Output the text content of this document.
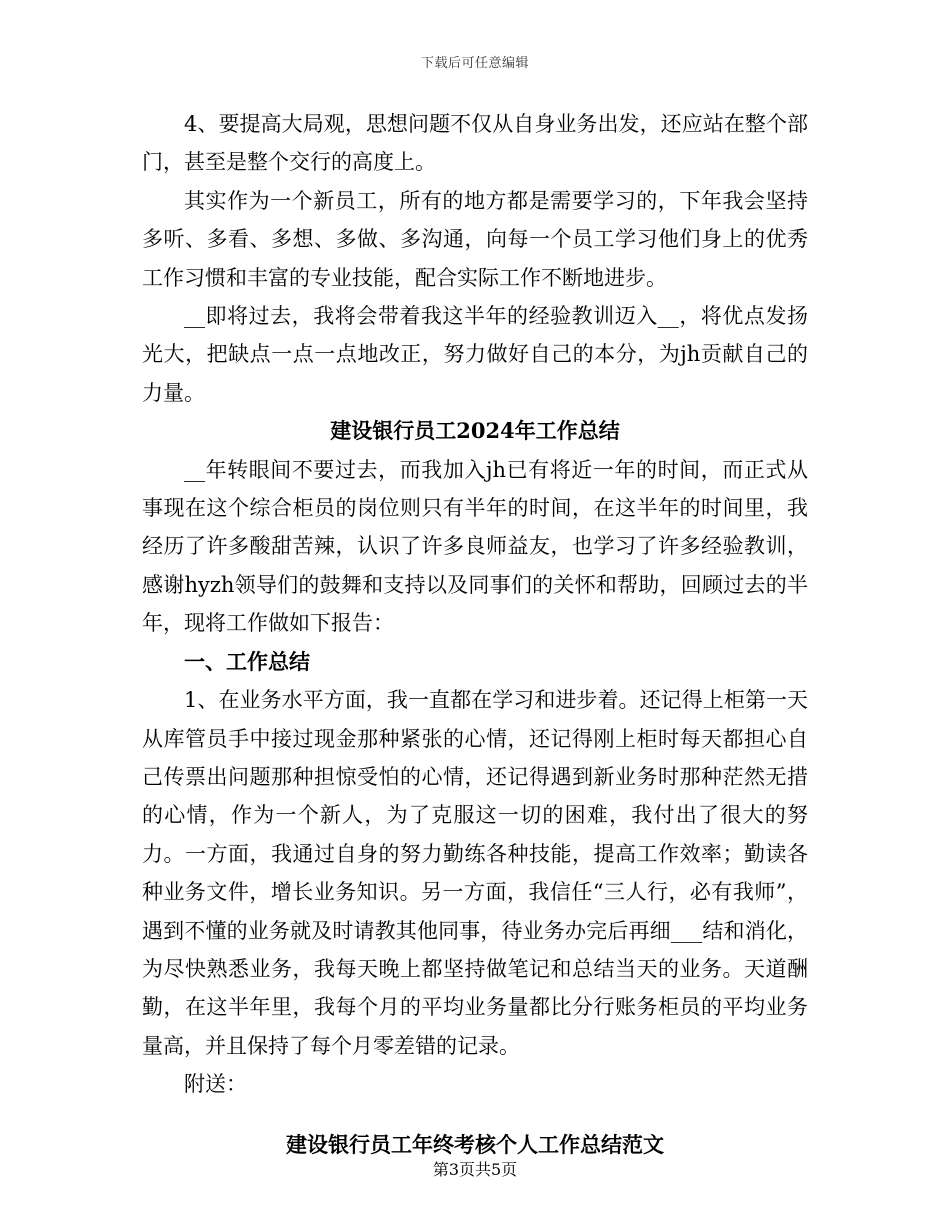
下载后可任意编辑

4、要提高大局观，思想问题不仅从自身业务出发，还应站在整个部门，甚至是整个交行的高度上。

其实作为一个新员工，所有的地方都是需要学习的，下年我会坚持多听、多看、多想、多做、多沟通，向每一个员工学习他们身上的优秀工作习惯和丰富的专业技能，配合实际工作不断地进步。

__即将过去，我将会带着我这半年的经验教训迈入__，将优点发扬光大，把缺点一点一点地改正，努力做好自己的本分，为jh贡献自己的力量。

建设银行员工2024年工作总结

__年转眼间不要过去，而我加入jh已有将近一年的时间，而正式从事现在这个综合柜员的岗位则只有半年的时间，在这半年的时间里，我经历了许多酸甜苦辣，认识了许多良师益友，也学习了许多经验教训，感谢hyzh领导们的鼓舞和支持以及同事们的关怀和帮助，回顾过去的半年，现将工作做如下报告：

一、工作总结

1、在业务水平方面，我一直都在学习和进步着。还记得上柜第一天从库管员手中接过现金那种紧张的心情，还记得刚上柜时每天都担心自己传票出问题那种担惊受怕的心情，还记得遇到新业务时那种茫然无措的心情，作为一个新人，为了克服这一切的困难，我付出了很大的努力。一方面，我通过自身的努力勤练各种技能，提高工作效率；勤读各种业务文件，增长业务知识。另一方面，我信任“三人行，必有我师”，遇到不懂的业务就及时请教其他同事，待业务办完后再细___结和消化，为尽快熟悉业务，我每天晚上都坚持做笔记和总结当天的业务。天道酬勤，在这半年里，我每个月的平均业务量都比分行账务柜员的平均业务量高，并且保持了每个月零差错的记录。

附送：

建设银行员工年终考核个人工作总结范文

第3页共5页
